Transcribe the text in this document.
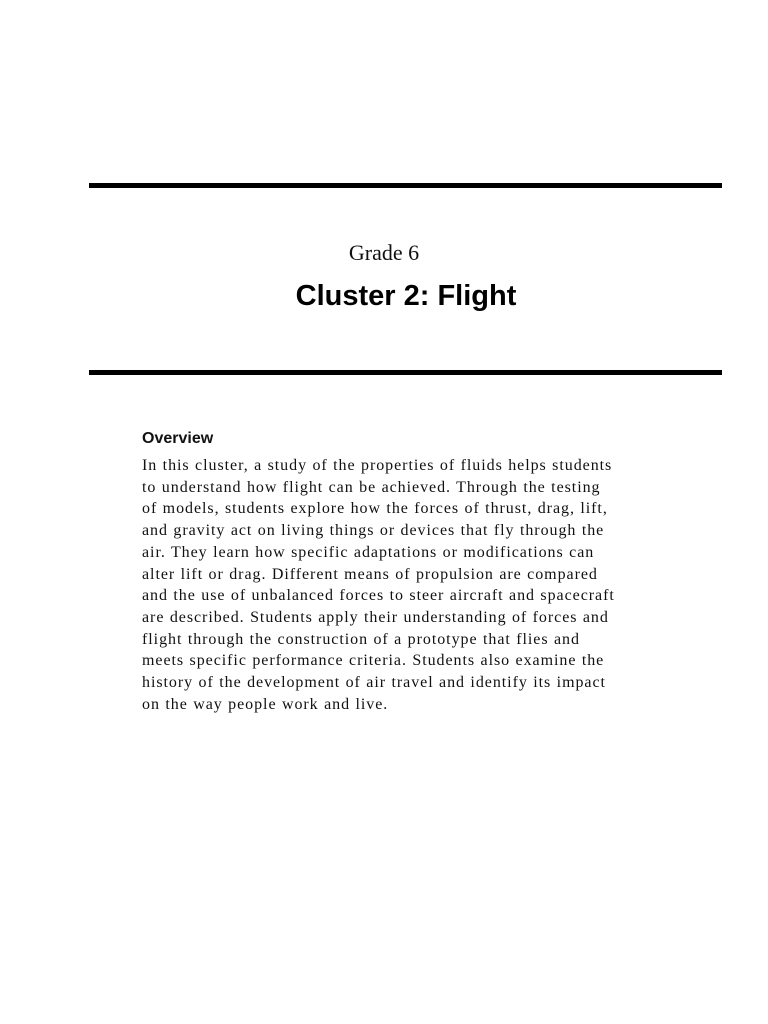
Grade 6
Cluster 2: Flight
Overview

In this cluster, a study of the properties of fluids helps students
to understand how flight can be achieved. Through the testing
of models, students explore how the forces of thrust, drag, lift,
and gravity act on living things or devices that fly through the
air. They learn how specific adaptations or modifications can
alter lift or drag. Different means of propulsion are compared
and the use of unbalanced forces to steer aircraft and spacecraft
are described. Students apply their understanding of forces and
flight through the construction of a prototype that flies and
meets specific performance criteria. Students also examine the
history of the development of air travel and identify its impact
on the way people work and live.
